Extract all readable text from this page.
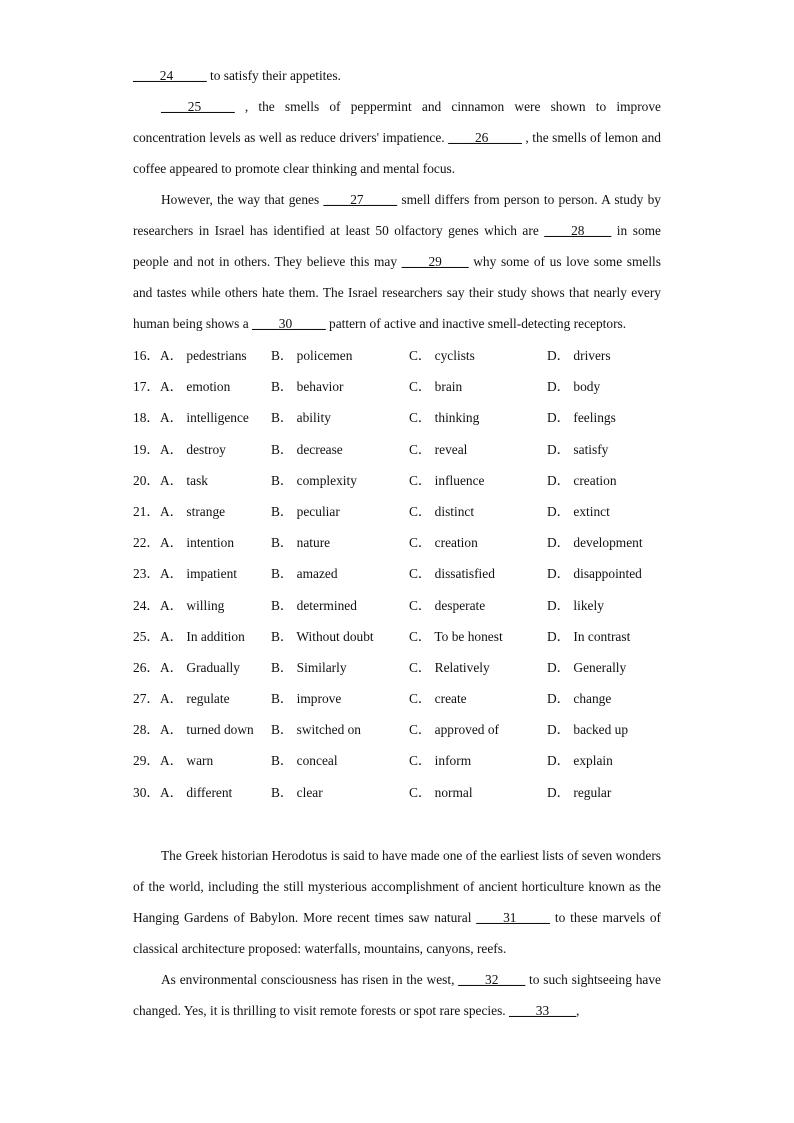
____24_____ to satisfy their appetites.

____25_____ , the smells of peppermint and cinnamon were shown to improve concentration levels as well as reduce drivers' impatience. ____26_____ , the smells of lemon and coffee appeared to promote clear thinking and mental focus.

However, the way that genes ____27_____ smell differs from person to person. A study by researchers in Israel has identified at least 50 olfactory genes which are ____28____ in some people and not in others. They believe this may ____29____ why some of us love some smells and tastes while others hate them. The Israel researchers say their study shows that nearly every human being shows a ____30_____ pattern of active and inactive smell-detecting receptors.

16． A． pedestrians B． policemen	C． cyclists	D． drivers
17． A． emotion	B． behavior	C． brain	D． body
18． A． intelligence B． ability	C． thinking	D． feelings
19． A． destroy	B． decrease	C． reveal	D． satisfy
20． A． task	B． complexity	C． influence	D． creation
21． A． strange	B． peculiar	C． distinct	D． extinct
22． A． intention	B． nature	C． creation	D． development
23． A． impatient	B． amazed	C． dissatisfied	D． disappointed
24． A． willing	B． determined	C． desperate	D． likely
25． A． In addition B． Without doubt	C． To be honest	D． In contrast
26． A． Gradually B． Similarly	C． Relatively	D． Generally
27． A． regulate	B． improve	C． create	D． change
28． A． turned down B． switched on	C． approved of	D． backed up
29． A． warn	B． conceal	C． inform	D． explain
30． A． different	B． clear	C． normal	D． regular

The Greek historian Herodotus is said to have made one of the earliest lists of seven wonders of the world, including the still mysterious accomplishment of ancient horticulture known as the Hanging Gardens of Babylon. More recent times saw natural ____31_____ to these marvels of classical architecture proposed: waterfalls, mountains, canyons, reefs.

As environmental consciousness has risen in the west, ____32____ to such sightseeing have changed. Yes, it is thrilling to visit remote forests or spot rare species. ____33____,
